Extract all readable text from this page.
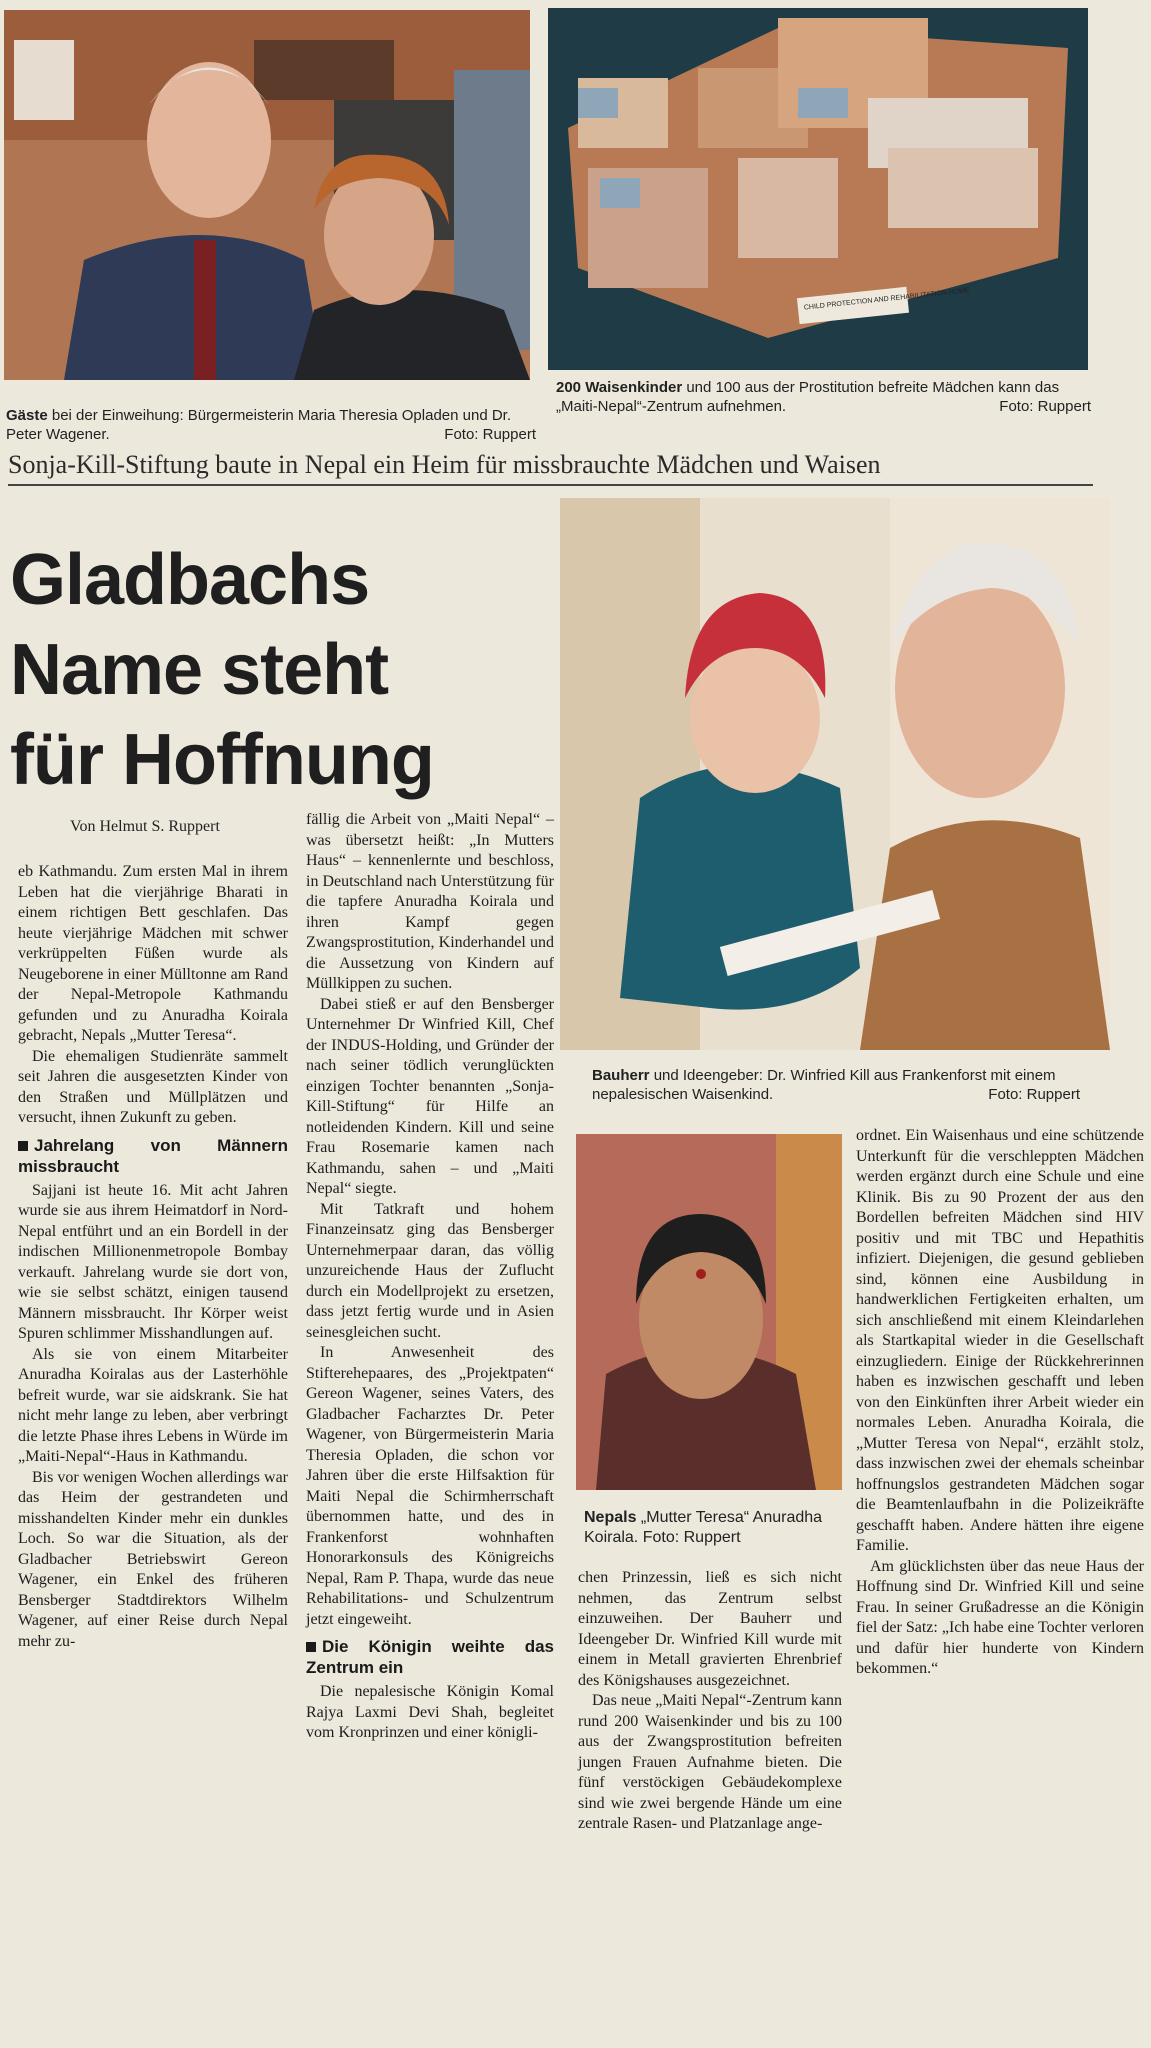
Gäste bei der Einweihung: Bürgermeisterin Maria Theresia Opladen und Dr. Peter Wagener.	Foto: Ruppert
CHILD PROTECTION AND REHABILITATION HOME
200 Waisenkinder und 100 aus der Prostitution befreite Mädchen kann das „Maiti-Nepal“-Zentrum aufnehmen.	Foto: Ruppert
Sonja-Kill-Stiftung baute in Nepal ein Heim für missbrauchte Mädchen und Waisen
Gladbachs
Name steht
für Hoffnung
Von Helmut S. Ruppert

eb Kathmandu. Zum ersten Mal in ihrem Leben hat die vierjährige Bharati in einem richtigen Bett geschlafen. Das heute vierjährige Mädchen mit schwer verkrüppelten Füßen wurde als Neugeborene in einer Mülltonne am Rand der Nepal-Metropole Kathmandu gefunden und zu Anuradha Koirala gebracht, Nepals „Mutter Teresa“.

Die ehemaligen Studienräte sammelt seit Jahren die ausgesetzten Kinder von den Straßen und Müllplätzen und versucht, ihnen Zukunft zu geben.

Jahrelang von Männern missbraucht

Sajjani ist heute 16. Mit acht Jahren wurde sie aus ihrem Heimatdorf in Nord-Nepal entführt und an ein Bordell in der indischen Millionenmetropole Bombay verkauft. Jahrelang wurde sie dort von, wie sie selbst schätzt, einigen tausend Männern missbraucht. Ihr Körper weist Spuren schlimmer Misshandlungen auf.

Als sie von einem Mitarbeiter Anuradha Koiralas aus der Lasterhöhle befreit wurde, war sie aidskrank. Sie hat nicht mehr lange zu leben, aber verbringt die letzte Phase ihres Lebens in Würde im „Maiti-Nepal“-Haus in Kathmandu.

Bis vor wenigen Wochen allerdings war das Heim der gestrandeten und misshandelten Kinder mehr ein dunkles Loch. So war die Situation, als der Gladbacher Betriebswirt Gereon Wagener, ein Enkel des früheren Bensberger Stadtdirektors Wilhelm Wagener, auf einer Reise durch Nepal mehr zu-

fällig die Arbeit von „Maiti Nepal“ – was übersetzt heißt: „In Mutters Haus“ – kennenlernte und beschloss, in Deutschland nach Unterstützung für die tapfere Anuradha Koirala und ihren Kampf gegen Zwangsprostitution, Kinderhandel und die Aussetzung von Kindern auf Müllkippen zu suchen.

Dabei stieß er auf den Bensberger Unternehmer Dr Winfried Kill, Chef der INDUS-Holding, und Gründer der nach seiner tödlich verunglückten einzigen Tochter benannten „Sonja-Kill-Stiftung“ für Hilfe an notleidenden Kindern. Kill und seine Frau Rosemarie kamen nach Kathmandu, sahen – und „Maiti Nepal“ siegte.

Mit Tatkraft und hohem Finanzeinsatz ging das Bensberger Unternehmerpaar daran, das völlig unzureichende Haus der Zuflucht durch ein Modellprojekt zu ersetzen, dass jetzt fertig wurde und in Asien seinesgleichen sucht.

In Anwesenheit des Stifterehepaares, des „Projektpaten“ Gereon Wagener, seines Vaters, des Gladbacher Facharztes Dr. Peter Wagener, von Bürgermeisterin Maria Theresia Opladen, die schon vor Jahren über die erste Hilfsaktion für Maiti Nepal die Schirmherrschaft übernommen hatte, und des in Frankenforst wohnhaften Honorarkonsuls des Königreichs Nepal, Ram P. Thapa, wurde das neue Rehabilitations- und Schulzentrum jetzt eingeweiht.

Die Königin weihte das Zentrum ein

Die nepalesische Königin Komal Rajya Laxmi Devi Shah, begleitet vom Kronprinzen und einer königli-

Bauherr und Ideengeber: Dr. Winfried Kill aus Frankenforst mit einem nepalesischen Waisenkind.	Foto: Ruppert
Nepals „Mutter Teresa“ Anuradha Koirala. Foto: Ruppert

chen Prinzessin, ließ es sich nicht nehmen, das Zentrum selbst einzuweihen. Der Bauherr und Ideengeber Dr. Winfried Kill wurde mit einem in Metall gravierten Ehrenbrief des Königshauses ausgezeichnet.

Das neue „Maiti Nepal“-Zentrum kann rund 200 Waisenkinder und bis zu 100 aus der Zwangsprostitution befreiten jungen Frauen Aufnahme bieten. Die fünf verstöckigen Gebäudekomplexe sind wie zwei bergende Hände um eine zentrale Rasen- und Platzanlage ange-

ordnet. Ein Waisenhaus und eine schützende Unterkunft für die verschleppten Mädchen werden ergänzt durch eine Schule und eine Klinik. Bis zu 90 Prozent der aus den Bordellen befreiten Mädchen sind HIV positiv und mit TBC und Hepathitis infiziert. Diejenigen, die gesund geblieben sind, können eine Ausbildung in handwerklichen Fertigkeiten erhalten, um sich anschließend mit einem Kleindarlehen als Startkapital wieder in die Gesellschaft einzugliedern. Einige der Rückkehrerinnen haben es inzwischen geschafft und leben von den Einkünften ihrer Arbeit wieder ein normales Leben. Anuradha Koirala, die „Mutter Teresa von Nepal“, erzählt stolz, dass inzwischen zwei der ehemals scheinbar hoffnungslos gestrandeten Mädchen sogar die Beamtenlaufbahn in die Polizeikräfte geschafft haben. Andere hätten ihre eigene Familie.

Am glücklichsten über das neue Haus der Hoffnung sind Dr. Winfried Kill und seine Frau. In seiner Grußadresse an die Königin fiel der Satz: „Ich habe eine Tochter verloren und dafür hier hunderte von Kindern bekommen.“
